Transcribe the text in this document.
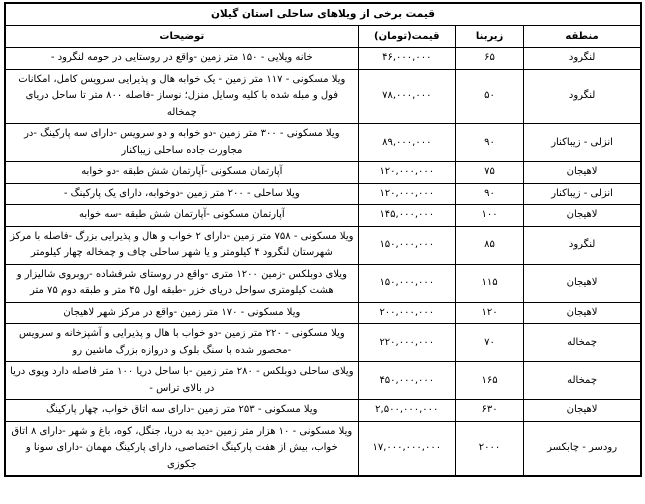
قیمت برخی از ویلاهای ساحلی استان گیلان			
منطقه	زیربنا	قیمت(تومان)	توضیحات
لنگرود	۶۵	۴۶,۰۰۰,۰۰۰	خانه ویلایی - ۱۵۰ متر زمین -واقع در روستایی در حومه لنگرود -
لنگرود	۵۰	۷۸,۰۰۰,۰۰۰	ویلا مسکونی - ۱۱۷ متر زمین - یک خوابه هال و پذیرایی سرویس کامل، امکانات فول و مبله شده با کلیه وسایل منزل؛ نوساز -فاصله ۸۰۰ متر تا ساحل دریای چمخاله
انزلی - زیباکنار	۹۰	۸۹,۰۰۰,۰۰۰	ویلا مسکونی - ۳۰۰ متر زمین -دو خوابه و دو سرویس -دارای سه پارکینگ -در مجاورت جاده ساحلی زیباکنار
لاهیجان	۷۵	۱۲۰,۰۰۰,۰۰۰	آپارتمان مسکونی -آپارتمان شش طبقه -دو خوابه
انزلی - زیباکنار	۹۰	۱۲۰,۰۰۰,۰۰۰	ویلا ساحلی - ۲۰۰ متر زمین -دوخوابه، دارای یک پارکینگ -
لاهیجان	۱۰۰	۱۴۵,۰۰۰,۰۰۰	آپارتمان مسکونی -آپارتمان شش طبقه -سه خوابه
لنگرود	۸۵	۱۵۰,۰۰۰,۰۰۰	ویلا مسکونی - ۷۵۸ متر زمین -دارای ۲ خواب و هال و پذیرایی بزرگ -فاصله با مرکز شهرستان لنگرود ۴ کیلومتر و یا شهر ساحلی چاف و چمخاله چهار کیلومتر
لاهیجان	۱۱۵	۱۵۰,۰۰۰,۰۰۰	ویلای دوبلکس -زمین ۱۲۰۰ متری -واقع در روستای شرفشاده -روبروی شالیزار و هشت کیلومتری سواحل دریای خزر -طبقه اول ۴۵ متر و طبقه دوم ۷۵ متر
لاهیجان	۱۲۰	۲۰۰,۰۰۰,۰۰۰	ویلا مسکونی - ۱۷۰ متر زمین -واقع در مرکز شهر لاهیجان
چمخاله	۷۰	۲۲۰,۰۰۰,۰۰۰	ویلا مسکونی - ۲۲۰ متر زمین -دو خواب با هال و پذیرایی و آشپزخانه و سرویس -محصور شده با سنگ بلوک و دروازه بزرگ ماشین رو
چمخاله	۱۶۵	۴۵۰,۰۰۰,۰۰۰	ویلای ساحلی دوبلکس - ۲۸۰ متر زمین -با ساحل دریا ۱۰۰ متر فاصله دارد ویوی دریا در بالای تراس -
لاهیجان	۶۳۰	۲,۵۰۰,۰۰۰,۰۰۰	ویلا مسکونی - ۲۵۳ متر زمین -دارای سه اتاق خواب، چهار پارکینگ
رودسر - چابکسر	۲۰۰۰	۱۷,۰۰۰,۰۰۰,۰۰۰	ویلا مسکونی - ۱۰ هزار متر زمین -دید به دریا، جنگل، کوه، باغ و شهر -دارای ۸ اتاق خواب، بیش از هفت پارکینگ اختصاصی، دارای پارکینگ مهمان -دارای سونا و جکوزی
